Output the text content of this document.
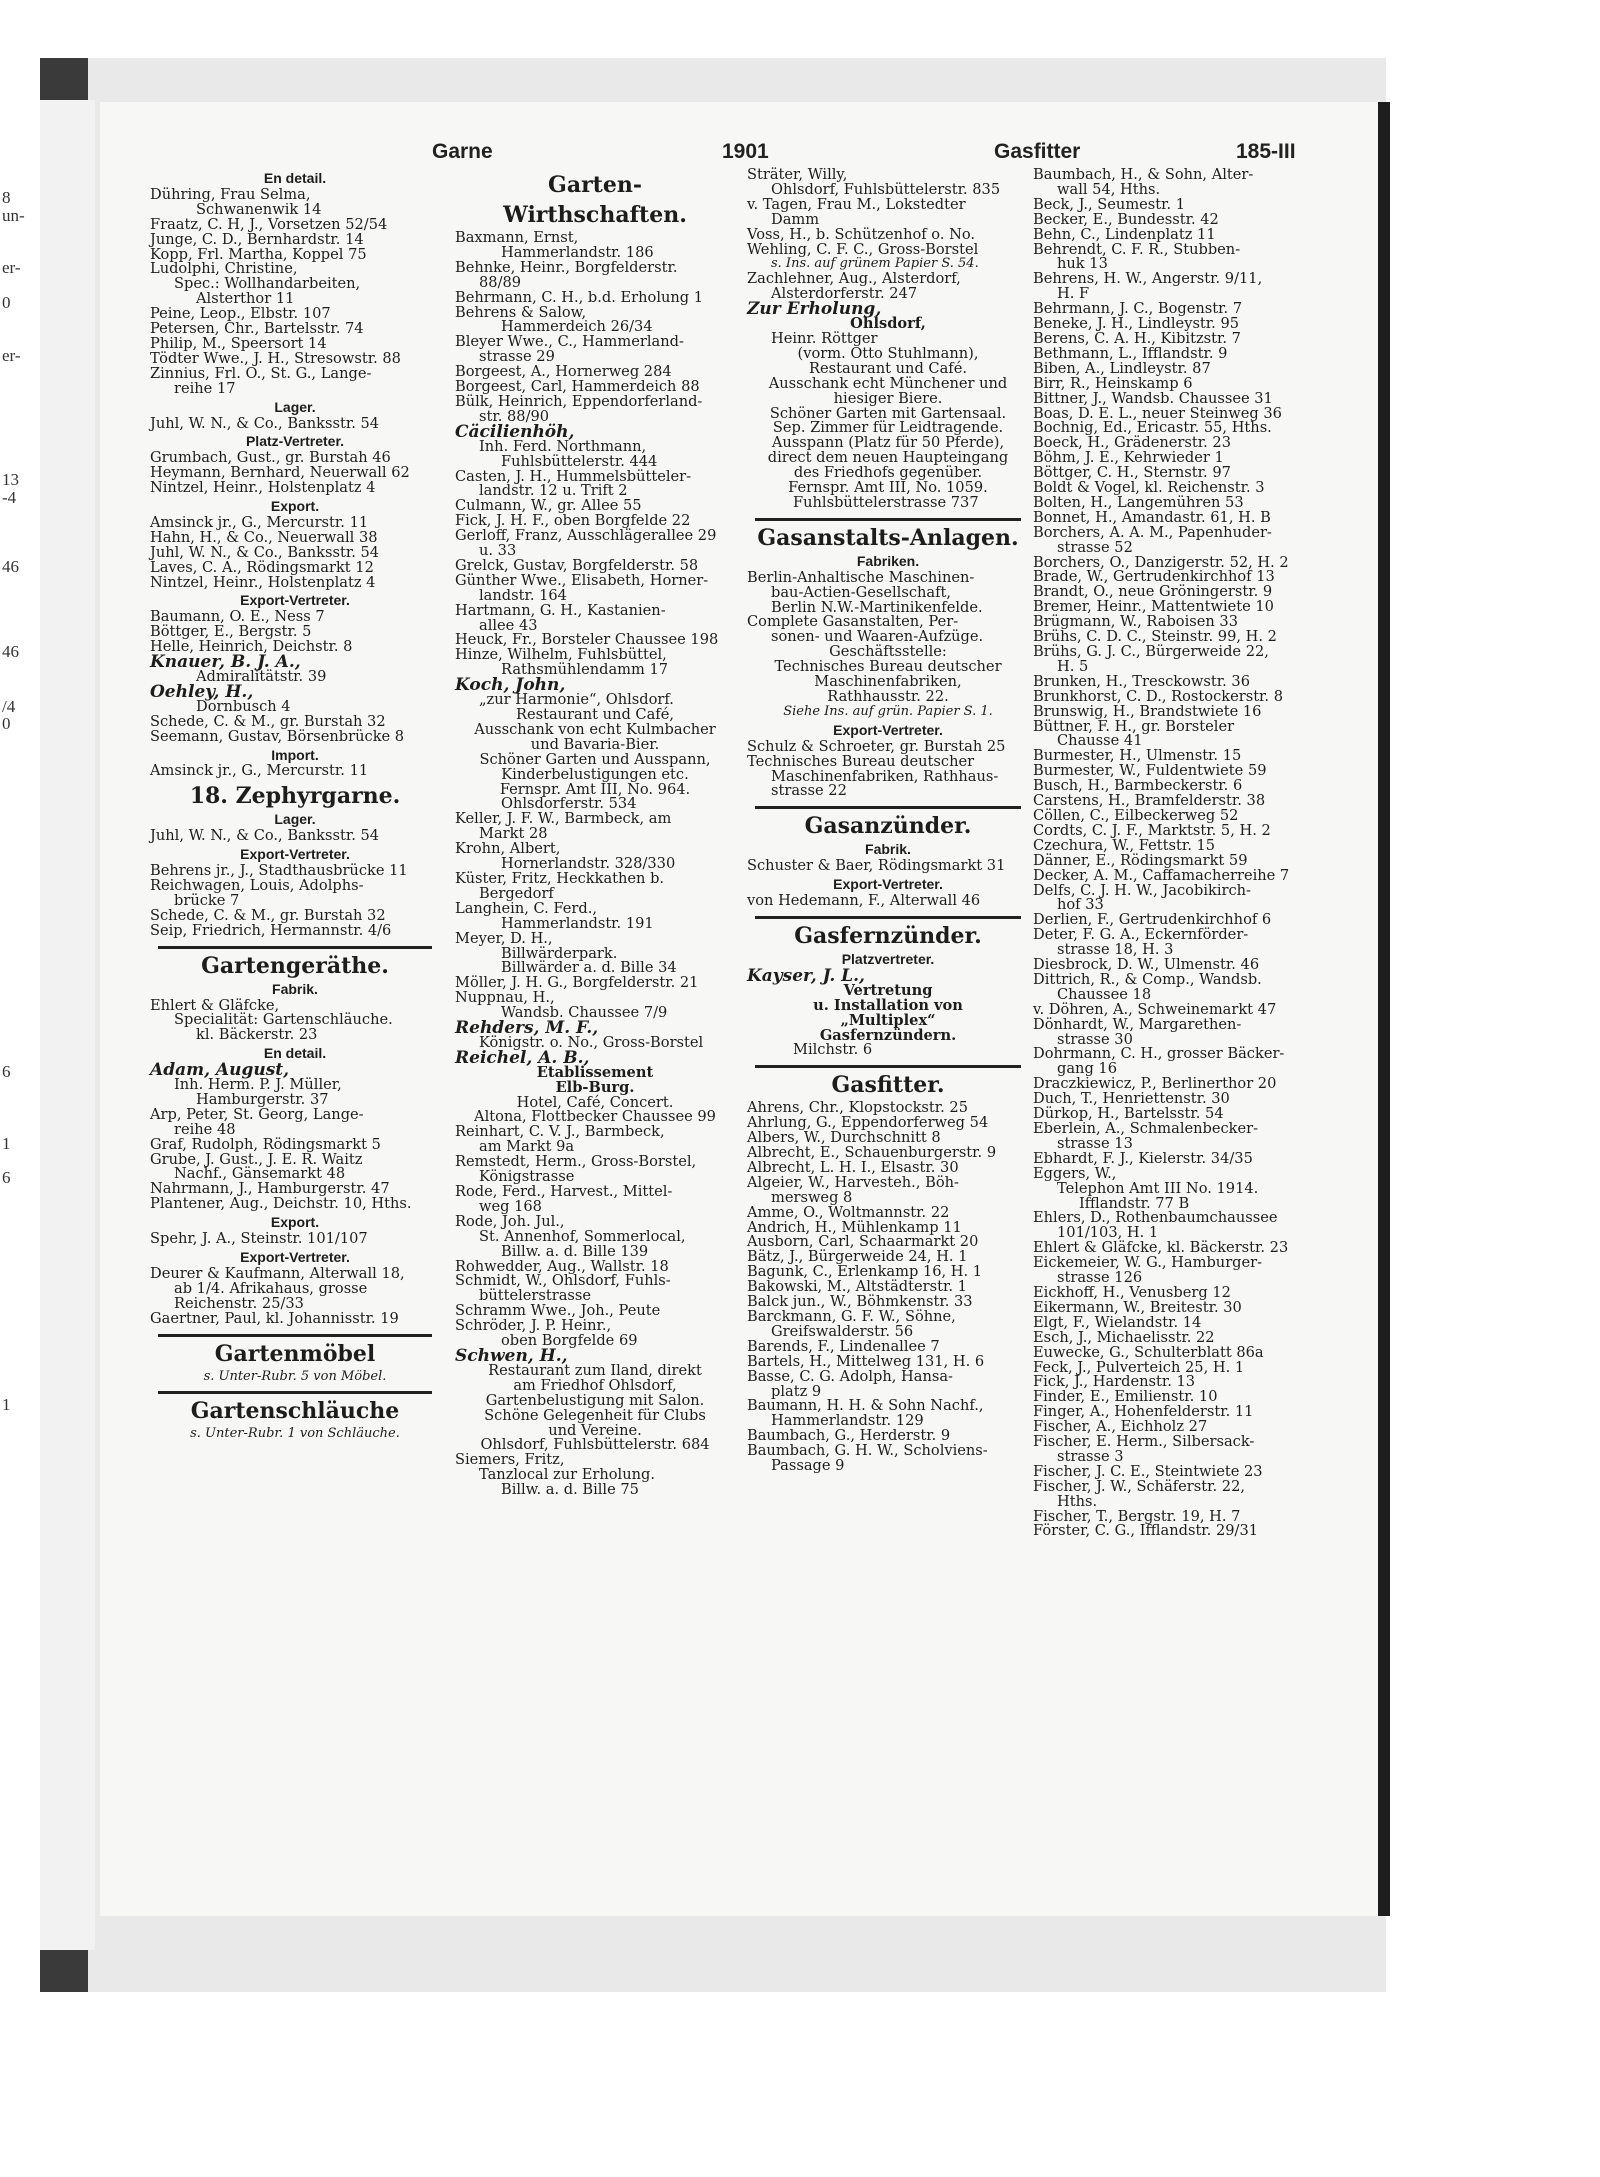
8
un-
er-
0
er-
13
-4
46
46
/4
0
6
1
6
1
Garne	1901	Gasfitter	185-III
En detail.
Dühring, Frau Selma,
Schwanenwik 14
Fraatz, C. H, J., Vorsetzen 52/54
Junge, C. D., Bernhardstr. 14
Kopp, Frl. Martha, Koppel 75
Ludolphi, Christine,
Spec.: Wollhandarbeiten,
Alsterthor 11
Peine, Leop., Elbstr. 107
Petersen, Chr., Bartelsstr. 74
Philip, M., Speersort 14
Tödter Wwe., J. H., Stresowstr. 88
Zinnius, Frl. O., St. G., Lange-
reihe 17
Lager.
Juhl, W. N., & Co., Banksstr. 54
Platz-Vertreter.
Grumbach, Gust., gr. Burstah 46
Heymann, Bernhard, Neuerwall 62
Nintzel, Heinr., Holstenplatz 4
Export.
Amsinck jr., G., Mercurstr. 11
Hahn, H., & Co., Neuerwall 38
Juhl, W. N., & Co., Banksstr. 54
Laves, C. A., Rödingsmarkt 12
Nintzel, Heinr., Holstenplatz 4
Export-Vertreter.
Baumann, O. E., Ness 7
Böttger, E., Bergstr. 5
Helle, Heinrich, Deichstr. 8
Knauer, B. J. A.,
Admiralitätstr. 39
Oehley, H.,
Dornbusch 4
Schede, C. & M., gr. Burstah 32
Seemann, Gustav, Börsenbrücke 8
Import.
Amsinck jr., G., Mercurstr. 11
18. Zephyrgarne.
Lager.
Juhl, W. N., & Co., Banksstr. 54
Export-Vertreter.
Behrens jr., J., Stadthausbrücke 11
Reichwagen, Louis, Adolphs-
brücke 7
Schede, C. & M., gr. Burstah 32
Seip, Friedrich, Hermannstr. 4/6
Gartengeräthe.
Fabrik.
Ehlert & Gläfcke,
Specialität: Gartenschläuche.
kl. Bäckerstr. 23
En detail.
Adam, August,
Inh. Herm. P. J. Müller,
Hamburgerstr. 37
Arp, Peter, St. Georg, Lange-
reihe 48
Graf, Rudolph, Rödingsmarkt 5
Grube, J. Gust., J. E. R. Waitz
Nachf., Gänsemarkt 48
Nahrmann, J., Hamburgerstr. 47
Plantener, Aug., Deichstr. 10, Hths.
Export.
Spehr, J. A., Steinstr. 101/107
Export-Vertreter.
Deurer & Kaufmann, Alterwall 18,
ab 1/4. Afrikahaus, grosse
Reichenstr. 25/33
Gaertner, Paul, kl. Johannisstr. 19
Gartenmöbel
s. Unter-Rubr. 5 von Möbel.
Gartenschläuche
s. Unter-Rubr. 1 von Schläuche.
Garten-
Wirthschaften.
Baxmann, Ernst,
Hammerlandstr. 186
Behnke, Heinr., Borgfelderstr.
88/89
Behrmann, C. H., b.d. Erholung 1
Behrens & Salow,
Hammerdeich 26/34
Bleyer Wwe., C., Hammerland-
strasse 29
Borgeest, A., Hornerweg 284
Borgeest, Carl, Hammerdeich 88
Bülk, Heinrich, Eppendorferland-
str. 88/90
Cäcilienhöh,
Inh. Ferd. Northmann,
Fuhlsbüttelerstr. 444
Casten, J. H., Hummelsbütteler-
landstr. 12 u. Trift 2
Culmann, W., gr. Allee 55
Fick, J. H. F., oben Borgfelde 22
Gerloff, Franz, Ausschlägerallee 29
u. 33
Grelck, Gustav, Borgfelderstr. 58
Günther Wwe., Elisabeth, Horner-
landstr. 164
Hartmann, G. H., Kastanien-
allee 43
Heuck, Fr., Borsteler Chaussee 198
Hinze, Wilhelm, Fuhlsbüttel,
Rathsmühlendamm 17
Koch, John,
„zur Harmonie“, Ohlsdorf.
Restaurant und Café,
Ausschank von echt Kulmbacher
und Bavaria-Bier.
Schöner Garten und Ausspann,
Kinderbelustigungen etc.
Fernspr. Amt III, No. 964.
Ohlsdorferstr. 534
Keller, J. F. W., Barmbeck, am
Markt 28
Krohn, Albert,
Hornerlandstr. 328/330
Küster, Fritz, Heckkathen b.
Bergedorf
Langhein, C. Ferd.,
Hammerlandstr. 191
Meyer, D. H.,
Billwärderpark.
Billwärder a. d. Bille 34
Möller, J. H. G., Borgfelderstr. 21
Nuppnau, H.,
Wandsb. Chaussee 7/9
Rehders, M. F.,
Königstr. o. No., Gross-Borstel
Reichel, A. B.,
Etablissement
Elb-Burg.
Hotel, Café, Concert.
Altona, Flottbecker Chaussee 99
Reinhart, C. V. J., Barmbeck,
am Markt 9a
Remstedt, Herm., Gross-Borstel,
Königstrasse
Rode, Ferd., Harvest., Mittel-
weg 168
Rode, Joh. Jul.,
St. Annenhof, Sommerlocal,
Billw. a. d. Bille 139
Rohwedder, Aug., Wallstr. 18
Schmidt, W., Ohlsdorf, Fuhls-
büttelerstrasse
Schramm Wwe., Joh., Peute
Schröder, J. P. Heinr.,
oben Borgfelde 69
Schwen, H.,
Restaurant zum Iland, direkt
am Friedhof Ohlsdorf,
Gartenbelustigung mit Salon.
Schöne Gelegenheit für Clubs
und Vereine.
Ohlsdorf, Fuhlsbüttelerstr. 684
Siemers, Fritz,
Tanzlocal zur Erholung.
Billw. a. d. Bille 75
Sträter, Willy,
Ohlsdorf, Fuhlsbüttelerstr. 835
v. Tagen, Frau M., Lokstedter
Damm
Voss, H., b. Schützenhof o. No.
Wehling, C. F. C., Gross-Borstel
s. Ins. auf grünem Papier S. 54.
Zachlehner, Aug., Alsterdorf,
Alsterdorferstr. 247
Zur Erholung,
Ohlsdorf,
Heinr. Röttger
(vorm. Otto Stuhlmann),
Restaurant und Café.
Ausschank echt Münchener und
hiesiger Biere.
Schöner Garten mit Gartensaal.
Sep. Zimmer für Leidtragende.
Ausspann (Platz für 50 Pferde),
direct dem neuen Haupteingang
des Friedhofs gegenüber.
Fernspr. Amt III, No. 1059.
Fuhlsbüttelerstrasse 737
Gasanstalts-Anlagen.
Fabriken.
Berlin-Anhaltische Maschinen-
bau-Actien-Gesellschaft,
Berlin N.W.-Martinikenfelde.
Complete Gasanstalten, Per-
sonen- und Waaren-Aufzüge.
Geschäftsstelle:
Technisches Bureau deutscher
Maschinenfabriken,
Rathhausstr. 22.
Siehe Ins. auf grün. Papier S. 1.
Export-Vertreter.
Schulz & Schroeter, gr. Burstah 25
Technisches Bureau deutscher
Maschinenfabriken, Rathhaus-
strasse 22
Gasanzünder.
Fabrik.
Schuster & Baer, Rödingsmarkt 31
Export-Vertreter.
von Hedemann, F., Alterwall 46
Gasfernzünder.
Platzvertreter.
Kayser, J. L.,
Vertretung
u. Installation von
„Multiplex“
Gasfernzündern.
Milchstr. 6
Gasfitter.
Ahrens, Chr., Klopstockstr. 25
Ahrlung, G., Eppendorferweg 54
Albers, W., Durchschnitt 8
Albrecht, E., Schauenburgerstr. 9
Albrecht, L. H. I., Elsastr. 30
Algeier, W., Harvesteh., Böh-
mersweg 8
Amme, O., Woltmannstr. 22
Andrich, H., Mühlenkamp 11
Ausborn, Carl, Schaarmarkt 20
Bätz, J., Bürgerweide 24, H. 1
Bagunk, C., Erlenkamp 16, H. 1
Bakowski, M., Altstädterstr. 1
Balck jun., W., Böhmkenstr. 33
Barckmann, G. F. W., Söhne,
Greifswalderstr. 56
Barends, F., Lindenallee 7
Bartels, H., Mittelweg 131, H. 6
Basse, C. G. Adolph, Hansa-
platz 9
Baumann, H. H. & Sohn Nachf.,
Hammerlandstr. 129
Baumbach, G., Herderstr. 9
Baumbach, G. H. W., Scholviens-
Passage 9
Baumbach, H., & Sohn, Alter-
wall 54, Hths.
Beck, J., Seumestr. 1
Becker, E., Bundesstr. 42
Behn, C., Lindenplatz 11
Behrendt, C. F. R., Stubben-
huk 13
Behrens, H. W., Angerstr. 9/11,
H. F
Behrmann, J. C., Bogenstr. 7
Beneke, J. H., Lindleystr. 95
Berens, C. A. H., Kibitzstr. 7
Bethmann, L., Ifflandstr. 9
Biben, A., Lindleystr. 87
Birr, R., Heinskamp 6
Bittner, J., Wandsb. Chaussee 31
Boas, D. E. L., neuer Steinweg 36
Bochnig, Ed., Ericastr. 55, Hths.
Boeck, H., Grädenerstr. 23
Böhm, J. E., Kehrwieder 1
Böttger, C. H., Sternstr. 97
Boldt & Vogel, kl. Reichenstr. 3
Bolten, H., Langemühren 53
Bonnet, H., Amandastr. 61, H. B
Borchers, A. A. M., Papenhuder-
strasse 52
Borchers, O., Danzigerstr. 52, H. 2
Brade, W., Gertrudenkirchhof 13
Brandt, O., neue Gröningerstr. 9
Bremer, Heinr., Mattentwiete 10
Brügmann, W., Raboisen 33
Brühs, C. D. C., Steinstr. 99, H. 2
Brühs, G. J. C., Bürgerweide 22,
H. 5
Brunken, H., Tresckowstr. 36
Brunkhorst, C. D., Rostockerstr. 8
Brunswig, H., Brandstwiete 16
Büttner, F. H., gr. Borsteler
Chausse 41
Burmester, H., Ulmenstr. 15
Burmester, W., Fuldentwiete 59
Busch, H., Barmbeckerstr. 6
Carstens, H., Bramfelderstr. 38
Cöllen, C., Eilbeckerweg 52
Cordts, C. J. F., Marktstr. 5, H. 2
Czechura, W., Fettstr. 15
Dänner, E., Rödingsmarkt 59
Decker, A. M., Caffamacherreihe 7
Delfs, C. J. H. W., Jacobikirch-
hof 33
Derlien, F., Gertrudenkirchhof 6
Deter, F. G. A., Eckernförder-
strasse 18, H. 3
Diesbrock, D. W., Ulmenstr. 46
Dittrich, R., & Comp., Wandsb.
Chaussee 18
v. Döhren, A., Schweinemarkt 47
Dönhardt, W., Margarethen-
strasse 30
Dohrmann, C. H., grosser Bäcker-
gang 16
Draczkiewicz, P., Berlinerthor 20
Duch, T., Henriettenstr. 30
Dürkop, H., Bartelsstr. 54
Eberlein, A., Schmalenbecker-
strasse 13
Ebhardt, F. J., Kielerstr. 34/35
Eggers, W.,
Telephon Amt III No. 1914.
Ifflandstr. 77 B
Ehlers, D., Rothenbaumchaussee
101/103, H. 1
Ehlert & Gläfcke, kl. Bäckerstr. 23
Eickemeier, W. G., Hamburger-
strasse 126
Eickhoff, H., Venusberg 12
Eikermann, W., Breitestr. 30
Elgt, F., Wielandstr. 14
Esch, J., Michaelisstr. 22
Euwecke, G., Schulterblatt 86a
Feck, J., Pulverteich 25, H. 1
Fick, J., Hardenstr. 13
Finder, E., Emilienstr. 10
Finger, A., Hohenfelderstr. 11
Fischer, A., Eichholz 27
Fischer, E. Herm., Silbersack-
strasse 3
Fischer, J. C. E., Steintwiete 23
Fischer, J. W., Schäferstr. 22,
Hths.
Fischer, T., Bergstr. 19, H. 7
Förster, C. G., Ifflandstr. 29/31
